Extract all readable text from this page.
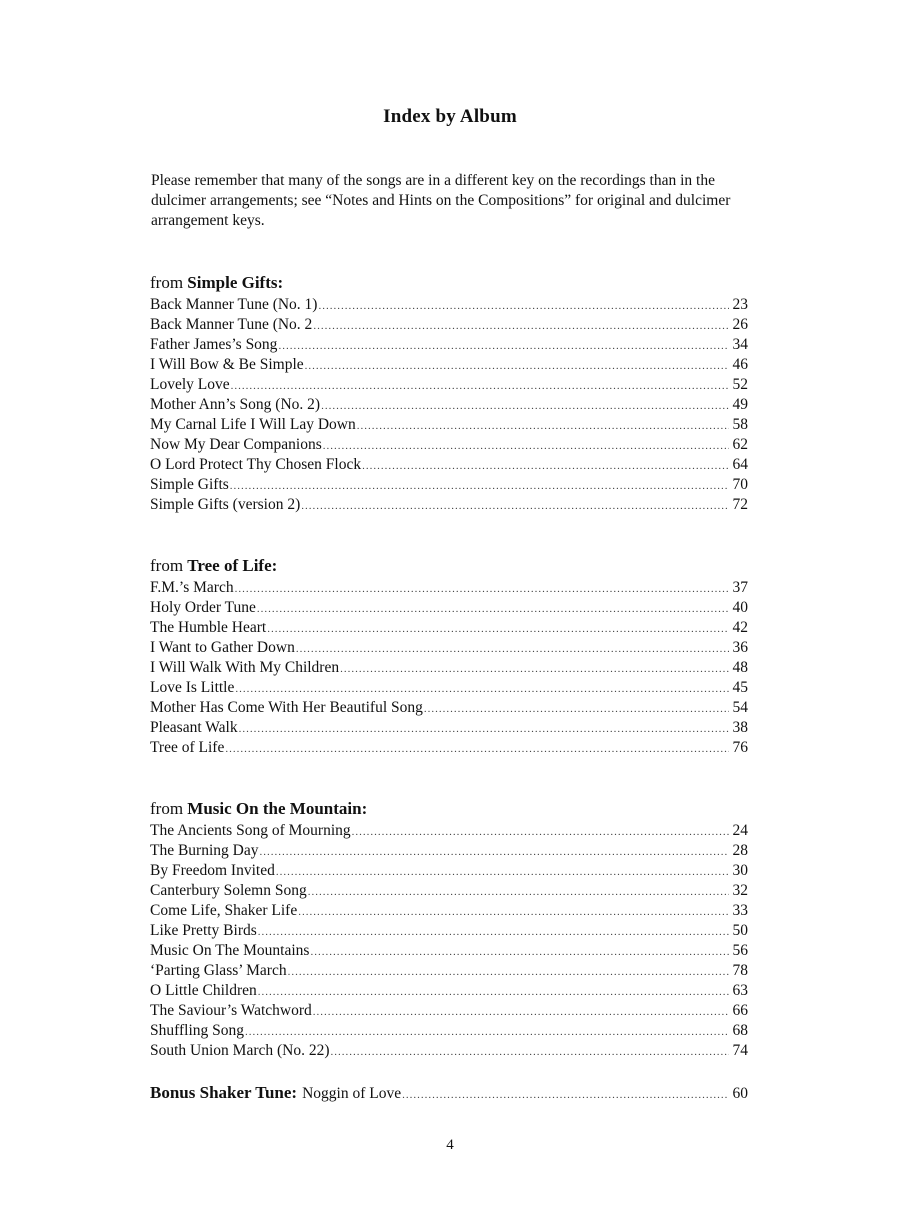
Index by Album

Please remember that many of the songs are in a different key on the recordings than in the dulcimer arrangements; see “Notes and Hints on the Compositions” for original and dulcimer arrangement keys.

from Simple Gifts:
Back Manner Tune (No. 1) .....	23
Back Manner Tune (No. 2 .....	26
Father James’s Song .....	34
I Will Bow & Be Simple .....	46
Lovely Love .....	52
Mother Ann’s Song (No. 2) .....	49
My Carnal Life I Will Lay Down .....	58
Now My Dear Companions .....	62
O Lord Protect Thy Chosen Flock .....	64
Simple Gifts .....	70
Simple Gifts (version 2) .....	72
from Tree of Life:
F.M.’s March .....	37
Holy Order Tune .....	40
The Humble Heart .....	42
I Want to Gather Down .....	36
I Will Walk With My Children .....	48
Love Is Little .....	45
Mother Has Come With Her Beautiful Song .....	54
Pleasant Walk .....	38
Tree of Life .....	76
from Music On the Mountain:
The Ancients Song of Mourning .....	24
The Burning Day .....	28
By Freedom Invited .....	30
Canterbury Solemn Song .....	32
Come Life, Shaker Life .....	33
Like Pretty Birds .....	50
Music On The Mountains .....	56
‘Parting Glass’ March .....	78
O Little Children .....	63
The Saviour’s Watchword .....	66
Shuffling Song .....	68
South Union March (No. 22) .....	74
Bonus Shaker Tune: Noggin of Love .....	60
4
